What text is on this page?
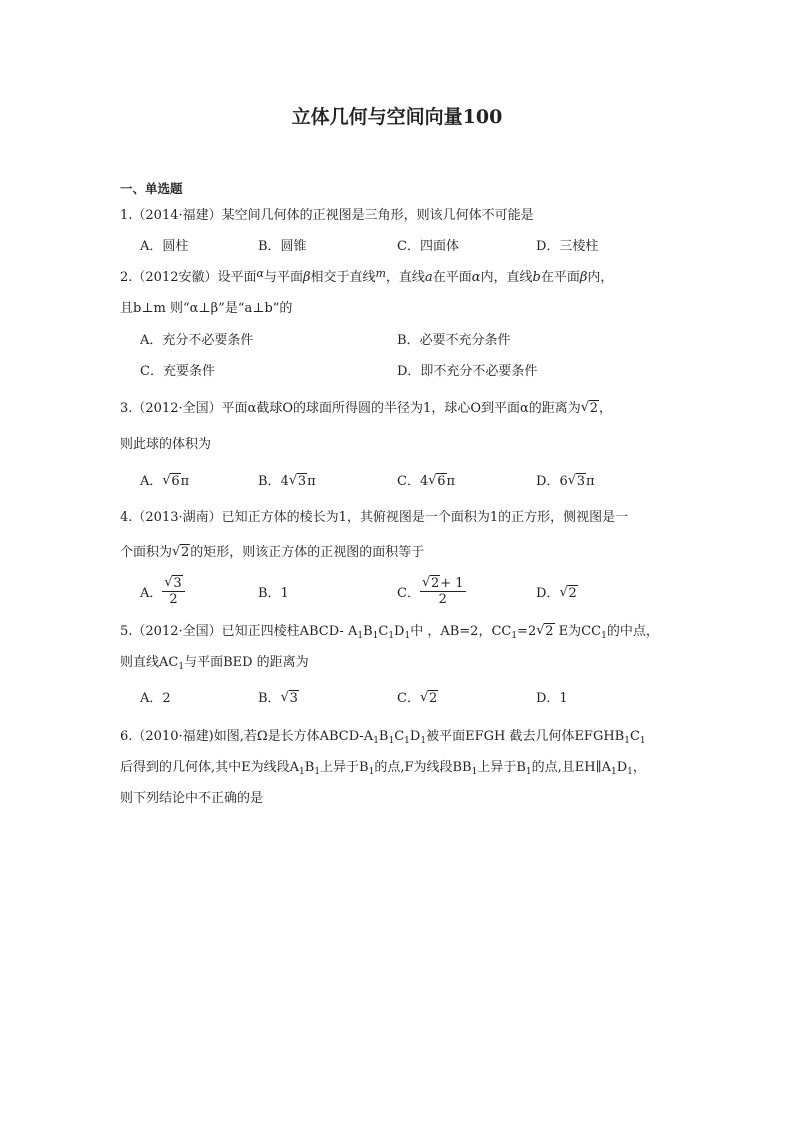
立体几何与空间向量100
一、单选题
1.（2014·福建）某空间几何体的正视图是三角形，则该几何体不可能是
A．圆柱	B．圆锥	C．四面体	D．三棱柱
2.（2012安徽）设平面$^\alpha$与平面β相交于直线$^m$，直线a在平面α内，直线b在平面β内，
且b⊥m 则“α⊥β”是“a⊥b”的
A．充分不必要条件	B．必要不充分条件
C．充要条件	D．即不充分不必要条件
3.（2012·全国）平面α截球O的球面所得圆的半径为1，球心O到平面α的距离为√ 2，
则此球的体积为
A．√ 6π	B．4√ 3π	C．4√ 6π	D．6√ 3π
4.（2013·湖南）已知正方体的棱长为1，其俯视图是一个面积为1的正方形，侧视图是一
个面积为√ 2的矩形，则该正方体的正视图的面积等于
A．
√ $\frac{3}{2}$	B．1	C．
√ $\frac{2+ 1}{2}$	D．√ 2
5.（2012·全国）已知正四棱柱ABCD- $A_1B_1C_1D_1$中 ，AB=2，$CC_1=2√$ 2 E为$CC_1$的中点，
则直线$AC_1$与平面BED 的距离为
A．2	B．√ 3	C．√ 2	D．1
6.（2010·福建)如图,若Ω是长方体ABCD-$A_1B_1C_1D_1$被平面EFGH 截去几何体$EFGHB_1C_1$
后得到的几何体,其中E为线段$A_1B_1$上异于$B_1$的点,F为线段$BB_1$上异于$B_1$的点,且$EH\parallel A_1D_1$，
则下列结论中不正确的是
